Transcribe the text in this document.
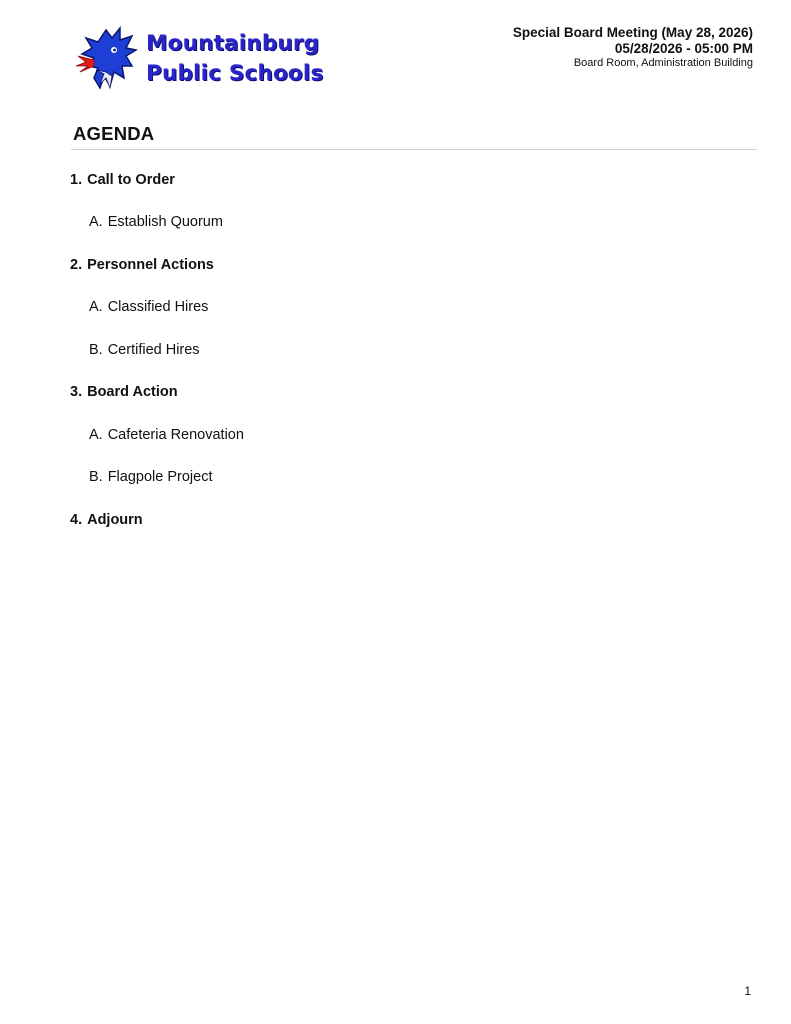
Mountainburg
Public Schools
Special Board Meeting (May 28, 2026)
05/28/2026 - 05:00 PM
Board Room, Administration Building
AGENDA
1. Call to Order
A. Establish Quorum
2. Personnel Actions
A. Classified Hires
B. Certified Hires
3. Board Action
A. Cafeteria Renovation
B. Flagpole Project
4. Adjourn
1
